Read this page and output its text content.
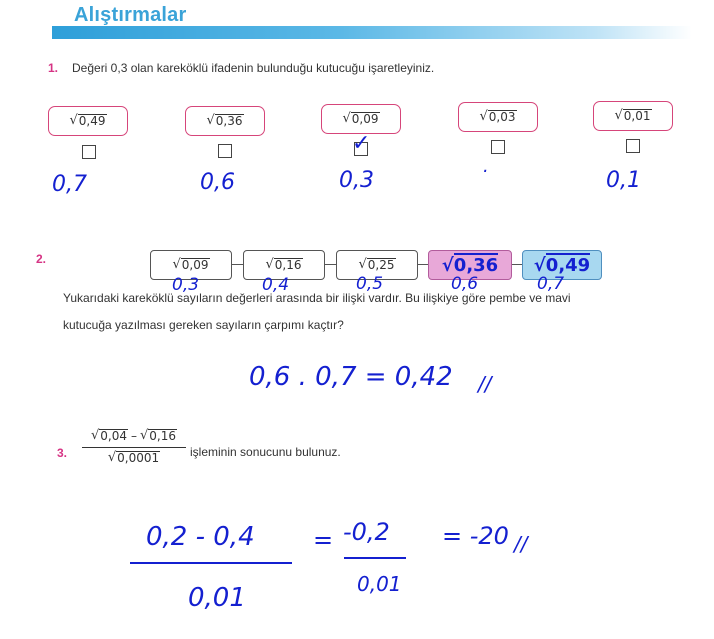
Alıştırmalar
1. Değeri 0,3 olan kareköklü ifadenin bulunduğu kutucuğu işaretleyiniz.
√ 0,49	√ 0,36	√ 0,09	√ 0,03	√ 0,01
✓
0,7	0,6	0,3
.
0,1
2.	√ 0,09	√ 0,16	√ 0,25	√0,36 √0,49
0,3	0,4	0,5	0,6	0,7
Yukarıdaki kareköklü sayıların değerleri arasında bir ilişki vardır. Bu ilişkiye göre pembe ve mavi
kutucuğa yazılması gereken sayıların çarpımı kaçtır?
0,6 . 0,7 = 0,42 //
3.
√ 0,04 – √ 0,16
√ 0,0001	işleminin sonucunu bulunuz.
0,2 - 0,4
0,01
= -0,2
0,01
= -20 //
